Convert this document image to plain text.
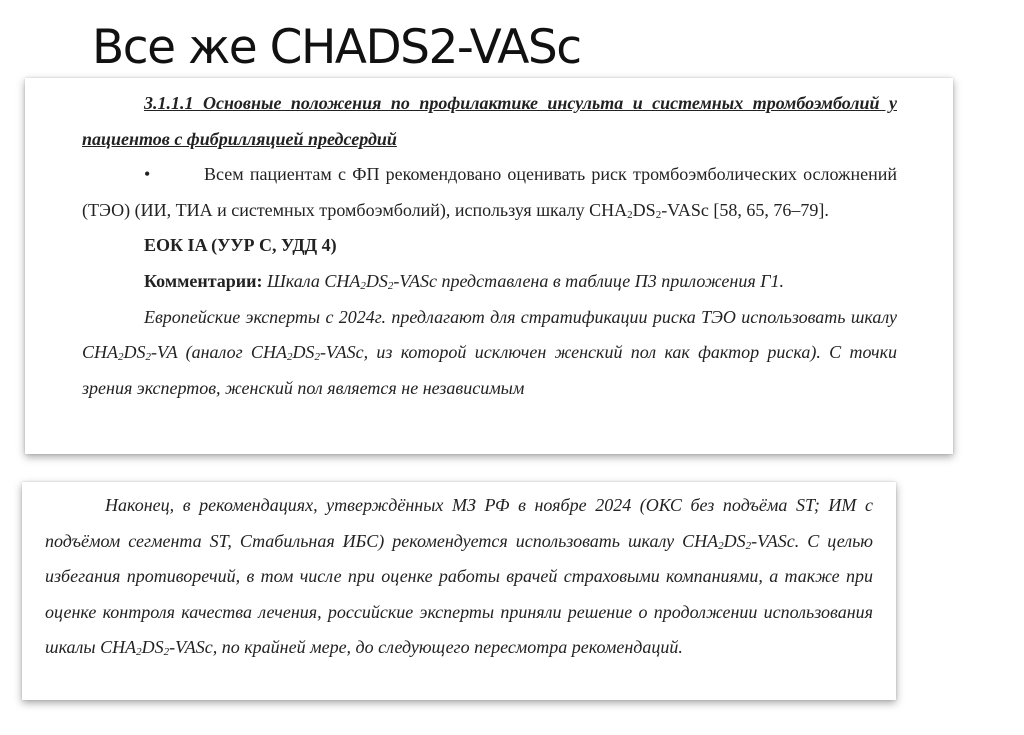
Все же CHADS2-VASc

3.1.1.1 Основные положения по профилактике инсульта и системных тромбоэмболий у пациентов с фибрилляцией предсердий

•	Всем пациентам с ФП рекомендовано оценивать риск тромбоэмболических осложнений (ТЭО) (ИИ, ТИА и системных тромбоэмболий), используя шкалу $CHA_2DS_2$-VASc [58, 65, 76–79].

ЕОК IA (УУР С, УДД 4)

Комментарии: Шкала $CHA_2DS_2$-VASc представлена в таблице П3 приложения Г1.

Европейские эксперты с 2024г. предлагают для стратификации риска ТЭО использовать шкалу $CHA_2DS_2-VA$ (аналог $CHA_2DS_2$-VASc, из которой исключен женский пол как фактор риска). С точки зрения экспертов, женский пол является не независимым

Наконец, в рекомендациях, утверждённых МЗ РФ в ноябре 2024 (ОКС без подъёма ST; ИМ с подъёмом сегмента ST, Стабильная ИБС) рекомендуется использовать шкалу $CHA_2DS_2$-VASc. С целью избегания противоречий, в том числе при оценке работы врачей страховыми компаниями, а также при оценке контроля качества лечения, российские эксперты приняли решение о продолжении использования шкалы $CHA_2DS_2$-VASc, по крайней мере, до следующего пересмотра рекомендаций.
